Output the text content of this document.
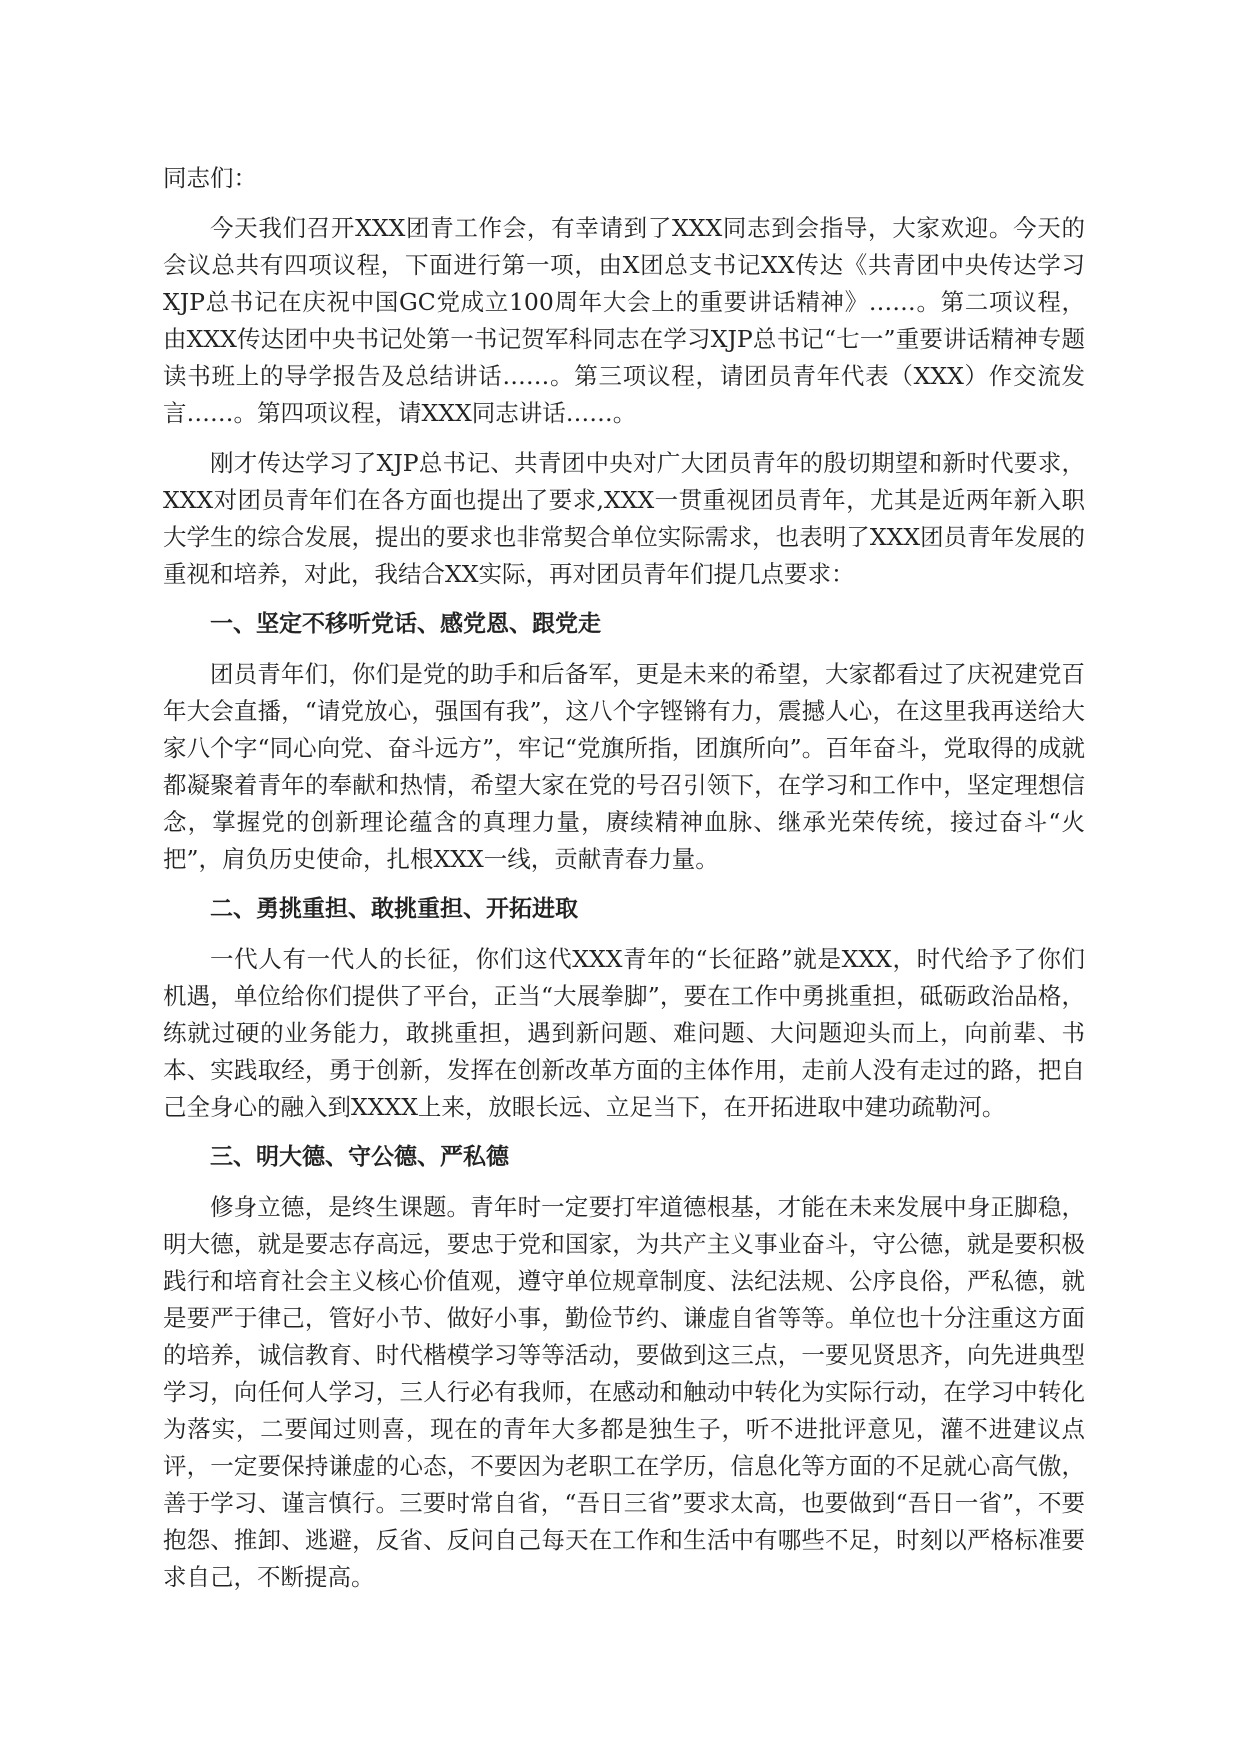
同志们：

今天我们召开XXX团青工作会，有幸请到了XXX同志到会指导，大家欢迎。今天的会议总共有四项议程，下面进行第一项，由X团总支书记XX传达《共青团中央传达学习XJP总书记在庆祝中国GC党成立100周年大会上的重要讲话精神》……。第二项议程，由XXX传达团中央书记处第一书记贺军科同志在学习XJP总书记“七一”重要讲话精神专题读书班上的导学报告及总结讲话……。第三项议程，请团员青年代表（XXX）作交流发言……。第四项议程，请XXX同志讲话……。

刚才传达学习了XJP总书记、共青团中央对广大团员青年的殷切期望和新时代要求，XXX对团员青年们在各方面也提出了要求,XXX一贯重视团员青年，尤其是近两年新入职大学生的综合发展，提出的要求也非常契合单位实际需求，也表明了XXX团员青年发展的重视和培养，对此，我结合XX实际，再对团员青年们提几点要求：

一、坚定不移听党话、感党恩、跟党走

团员青年们，你们是党的助手和后备军，更是未来的希望，大家都看过了庆祝建党百年大会直播，“请党放心，强国有我”，这八个字铿锵有力，震撼人心，在这里我再送给大家八个字“同心向党、奋斗远方”，牢记“党旗所指，团旗所向”。百年奋斗，党取得的成就都凝聚着青年的奉献和热情，希望大家在党的号召引领下，在学习和工作中，坚定理想信念，掌握党的创新理论蕴含的真理力量，赓续精神血脉、继承光荣传统，接过奋斗“火把”，肩负历史使命，扎根XXX一线，贡献青春力量。

二、勇挑重担、敢挑重担、开拓进取

一代人有一代人的长征，你们这代XXX青年的“长征路”就是XXX，时代给予了你们机遇，单位给你们提供了平台，正当“大展拳脚”，要在工作中勇挑重担，砥砺政治品格，练就过硬的业务能力，敢挑重担，遇到新问题、难问题、大问题迎头而上，向前辈、书本、实践取经，勇于创新，发挥在创新改革方面的主体作用，走前人没有走过的路，把自己全身心的融入到XXXX上来，放眼长远、立足当下，在开拓进取中建功疏勒河。

三、明大德、守公德、严私德

修身立德，是终生课题。青年时一定要打牢道德根基，才能在未来发展中身正脚稳，明大德，就是要志存高远，要忠于党和国家，为共产主义事业奋斗，守公德，就是要积极践行和培育社会主义核心价值观，遵守单位规章制度、法纪法规、公序良俗，严私德，就是要严于律己，管好小节、做好小事，勤俭节约、谦虚自省等等。单位也十分注重这方面的培养，诚信教育、时代楷模学习等等活动，要做到这三点，一要见贤思齐，向先进典型学习，向任何人学习，三人行必有我师，在感动和触动中转化为实际行动，在学习中转化为落实，二要闻过则喜，现在的青年大多都是独生子，听不进批评意见，灌不进建议点评，一定要保持谦虚的心态，不要因为老职工在学历，信息化等方面的不足就心高气傲，善于学习、谨言慎行。三要时常自省，“吾日三省”要求太高，也要做到“吾日一省”，不要抱怨、推卸、逃避，反省、反问自己每天在工作和生活中有哪些不足，时刻以严格标准要求自己，不断提高。
